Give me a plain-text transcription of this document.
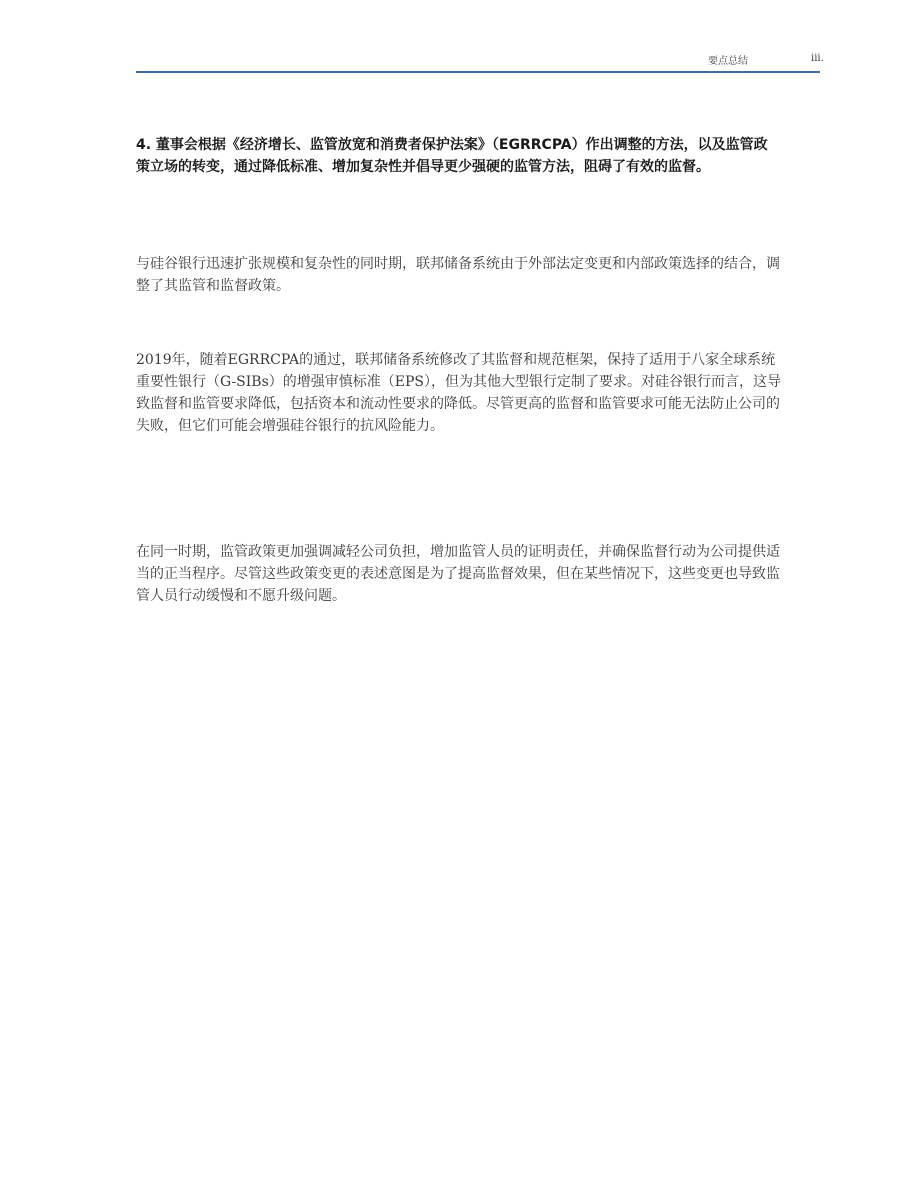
要点总结	iii.

4. 董事会根据《经济增长、监管放宽和消费者保护法案》（EGRRCPA）作出调整的方法，以及监管政策立场的转变，通过降低标准、增加复杂性并倡导更少强硬的监管方法，阻碍了有效的监督。

与硅谷银行迅速扩张规模和复杂性的同时期，联邦储备系统由于外部法定变更和内部政策选择的结合，调整了其监管和监督政策。

2019年，随着EGRRCPA的通过，联邦储备系统修改了其监督和规范框架，保持了适用于八家全球系统重要性银行（G-SIBs）的增强审慎标准（EPS），但为其他大型银行定制了要求。对硅谷银行而言，这导致监督和监管要求降低，包括资本和流动性要求的降低。尽管更高的监督和监管要求可能无法防止公司的失败，但它们可能会增强硅谷银行的抗风险能力。

在同一时期，监管政策更加强调减轻公司负担，增加监管人员的证明责任，并确保监督行动为公司提供适当的正当程序。尽管这些政策变更的表述意图是为了提高监督效果，但在某些情况下，这些变更也导致监管人员行动缓慢和不愿升级问题。
